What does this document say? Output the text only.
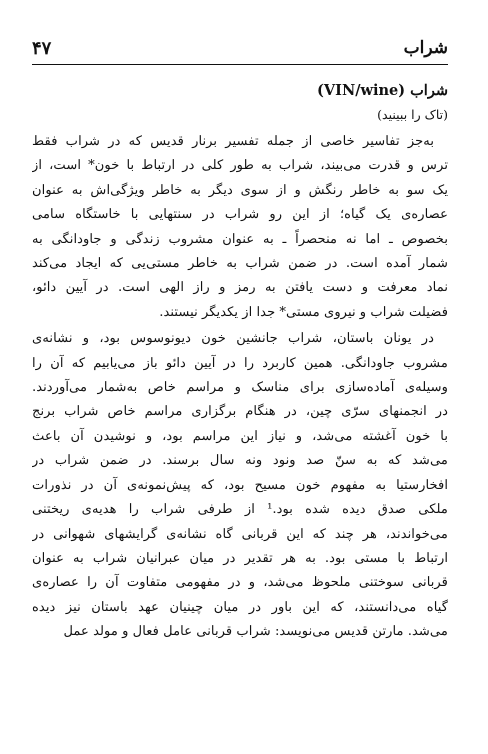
شراب
۴۷

شراب (VIN/wine)

(تاک را ببینید)

به‌جز تفاسیر خاصی از جمله تفسیر برنار قدیس که در شراب فقط
ترس و قدرت می‌بیند، شراب به طور کلی در ارتباط با خون* است، از
یک سو به خاطر رنگش و از سوی دیگر به خاطر ویژگی‌اش به عنوان
عصاره‌ی یک گیاه؛ از این رو شراب در سنتهایی با خاستگاه سامی
بخصوص ـ اما نه منحصراً ـ به عنوان مشروب زندگی و جاودانگی به
شمار آمده است. در ضمن شراب به خاطر مستی‌یی که ایجاد می‌کند
نماد معرفت و دست یافتن به رمز و راز الهی است. در آیین دائو،
فضیلت شراب و نیروی مستی* جدا از یکدیگر نیستند.
در یونان باستان، شراب جانشین خون دیونوسوس بود، و نشانه‌ی
مشروب جاودانگی. همین کاربرد را در آیین دائو باز می‌یابیم که آن را
وسیله‌ی آماده‌سازی برای مناسک و مراسم خاص به‌شمار می‌آوردند.
در انجمنهای سرّی چین، در هنگام برگزاری مراسم خاص شراب برنج
با خون آغشته می‌شد، و نیاز این مراسم بود، و نوشیدن آن باعث
می‌شد که به سنّ صد ونود ونه سال برسند. در ضمن شراب در
افخارستیا به مفهوم خون مسیح بود، که پیش‌نمونه‌ی آن در نذورات
ملکی صدق دیده شده بود.¹ از طرفی شراب را هدیه‌ی ریختنی
می‌خواندند، هر چند که این قربانی گاه نشانه‌ی گرایشهای شهوانی در
ارتباط با مستی بود. به هر تقدیر در میان عبرانیان شراب به عنوان
قربانی سوختنی ملحوظ می‌شد، و در مفهومی متفاوت آن را عصاره‌ی
گیاه می‌دانستند، که این باور در میان چینیان عهد باستان نیز دیده
می‌شد. مارتن قدیس می‌نویسد: شراب قربانی عامل فعال و مولد عمل
